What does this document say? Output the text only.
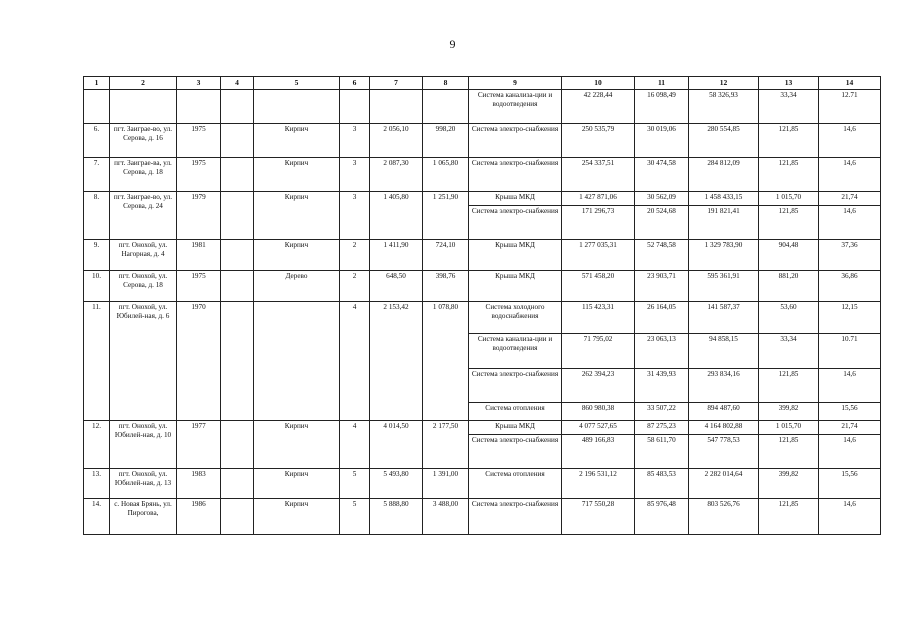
9
1	2	3	4	5	6	7	8	9	10	11	12	13	14
								Система канализа-ции и водоотведения	42 228,44	16 098,49	58 326,93	33,34	12.71
6.	пгт. Заиграе-во, ул. Серова, д. 16	1975		Кирпич	3	2 056,10	998,20	Система электро-снабжения	250 535,79	30 019,06	280 554,85	121,85	14,6
7.	пгт. Заиграе-ва, ул. Серова, д. 18	1975		Кирпич	3	2 087,30	1 065,80	Система электро-снабжения	254 337,51	30 474,58	284 812,09	121,85	14,6
8.	пгт. Заиграе-во, ул. Серова, д. 24	1979		Кирпич	3	1 405,80	1 251,90	Крыша МКД	1 427 871,06	30 562,09	1 458 433,15	1 015,70	21,74
								Система электро-снабжения	171 296,73	20 524,68	191 821,41	121,85	14,6
9.	пгт. Онохой, ул. Нагорная, д. 4	1981		Кирпич	2	1 411,90	724,10	Крыша МКД	1 277 035,31	52 748,58	1 329 783,90	904,48	37,36
10.	пгт. Онохой, ул. Серова, д. 18	1975		Дерево	2	648,50	398,76	Крыша МКД	571 458,20	23 903,71	595 361,91	881,20	36,86
11.	пгт. Онохой, ул. Юбилей-ная, д. 6	1970			4	2 153,42	1 078,80	Система холодного водоснабжения	115 423,31	26 164,05	141 587,37	53,60	12,15
								Система канализа-ции и водоотведения	71 795,02	23 063,13	94 858,15	33,34	10.71
								Система электро-снабжения	262 394,23	31 439,93	293 834,16	121,85	14,6
								Система отопления	860 980,38	33 507,22	894 487,60	399,82	15,56
12.	пгт. Онохой, ул. Юбилей-ная, д. 10	1977		Кирпич	4	4 014,50	2 177,50	Крыша МКД	4 077 527,65	87 275,23	4 164 802,88	1 015,70	21,74
								Система электро-снабжения	489 166,83	58 611,70	547 778,53	121,85	14,6
13.	пгт. Онохой, ул. Юбилей-ная, д. 13	1983		Кирпич	5	5 493,80	1 391,00	Система отопления	2 196 531,12	85 483,53	2 282 014,64	399,82	15,56
14.	с. Новая Брянь, ул. Пирогова,	1986		Кирпич	5	5 888,80	3 488,00	Система электро-снабжения	717 550,28	85 976,48	803 526,76	121,85	14,6
